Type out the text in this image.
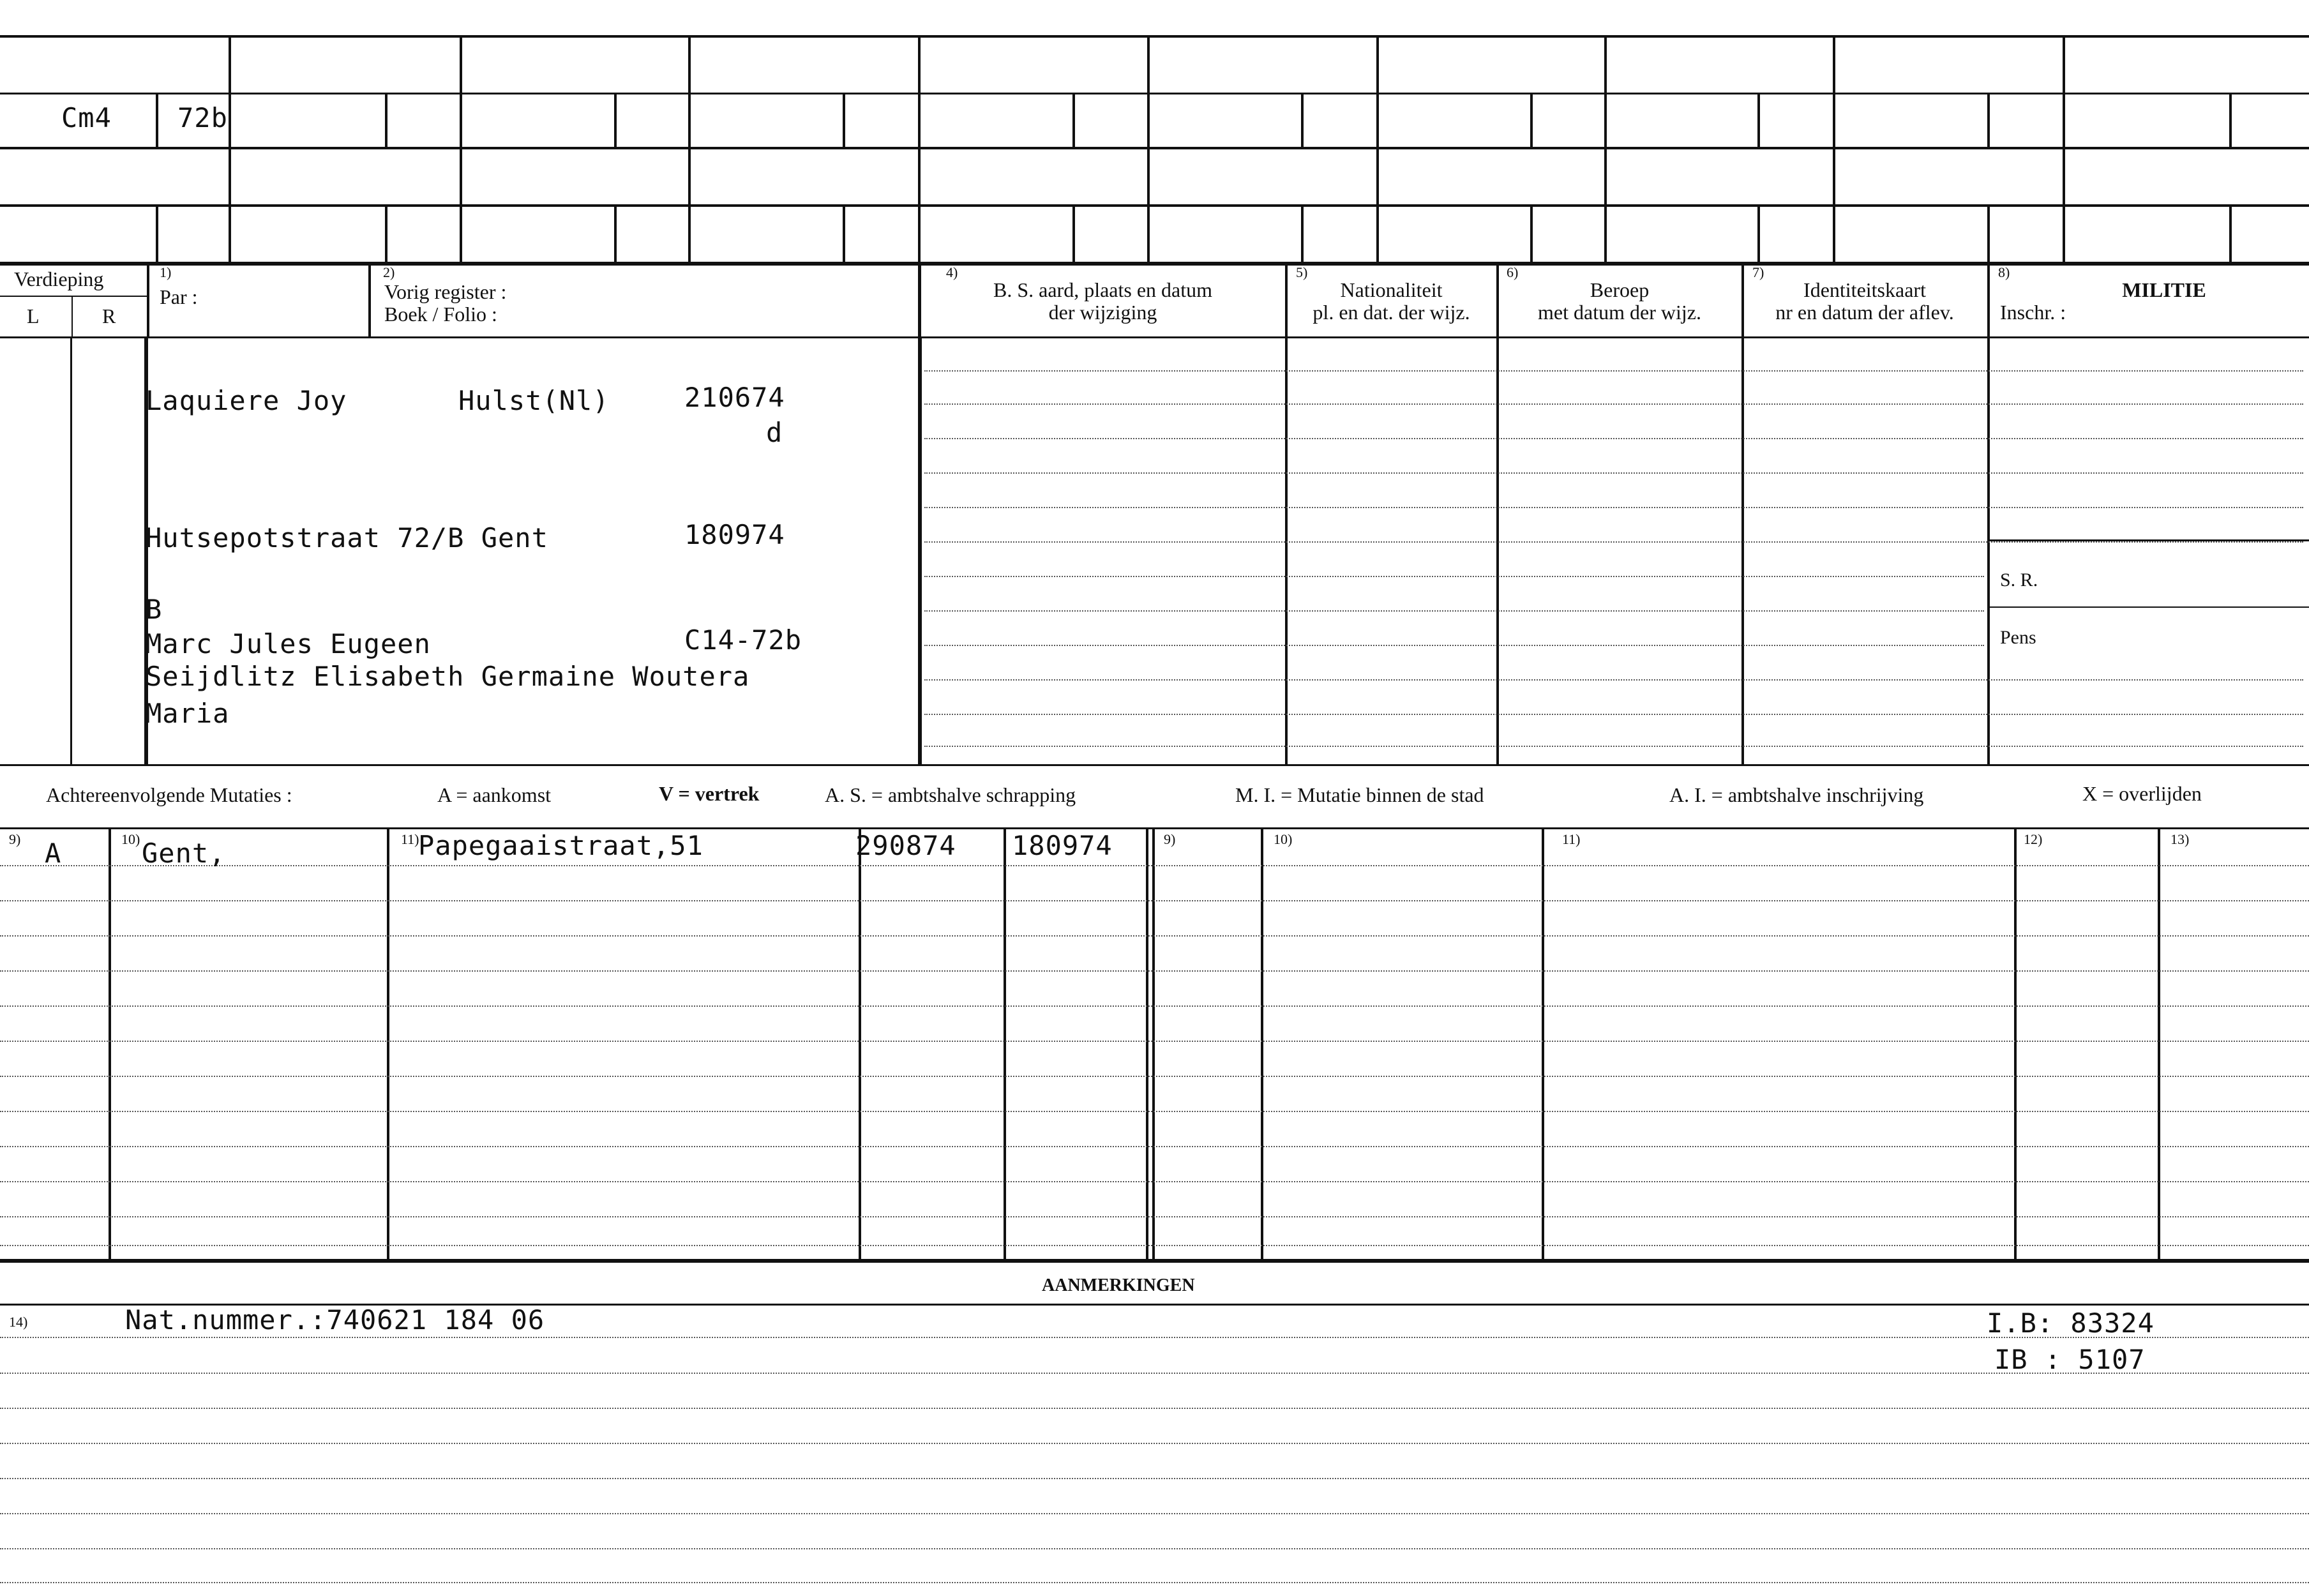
Cm4 72b
Verdieping
L	R
1)
Par :
2)
Vorig register :
Boek / Folio :
4)
B. S. aard, plaats en datum
der wijziging
5)
Nationaliteit
pl. en dat. der wijz.
6)
Beroep
met datum der wijz.
7)
Identiteitskaart
nr en datum der aflev.
8)
MILITIE
Inschr. :
S. R.
Pens
Laquiere Joy	Hulst(Nl)	210674
d
Hutsepotstraat 72/B Gent	180974
B
Marc Jules Eugeen	C14-72b
Seijdlitz Elisabeth Germaine Woutera
Maria
Achtereenvolgende Mutaties :	A = aankomst	V = vertrek	A. S. = ambtshalve schrapping	M. I. = Mutatie binnen de stad	A. I. = ambtshalve inschrijving	X = overlijden
9)	10)	11)	9)	10)	11)	12)	13)
A	Gent,	Papegaaistraat,51	290874 180974
AANMERKINGEN
14)	Nat.nummer.:740621 184 06	I.B: 83324
IB : 5107
